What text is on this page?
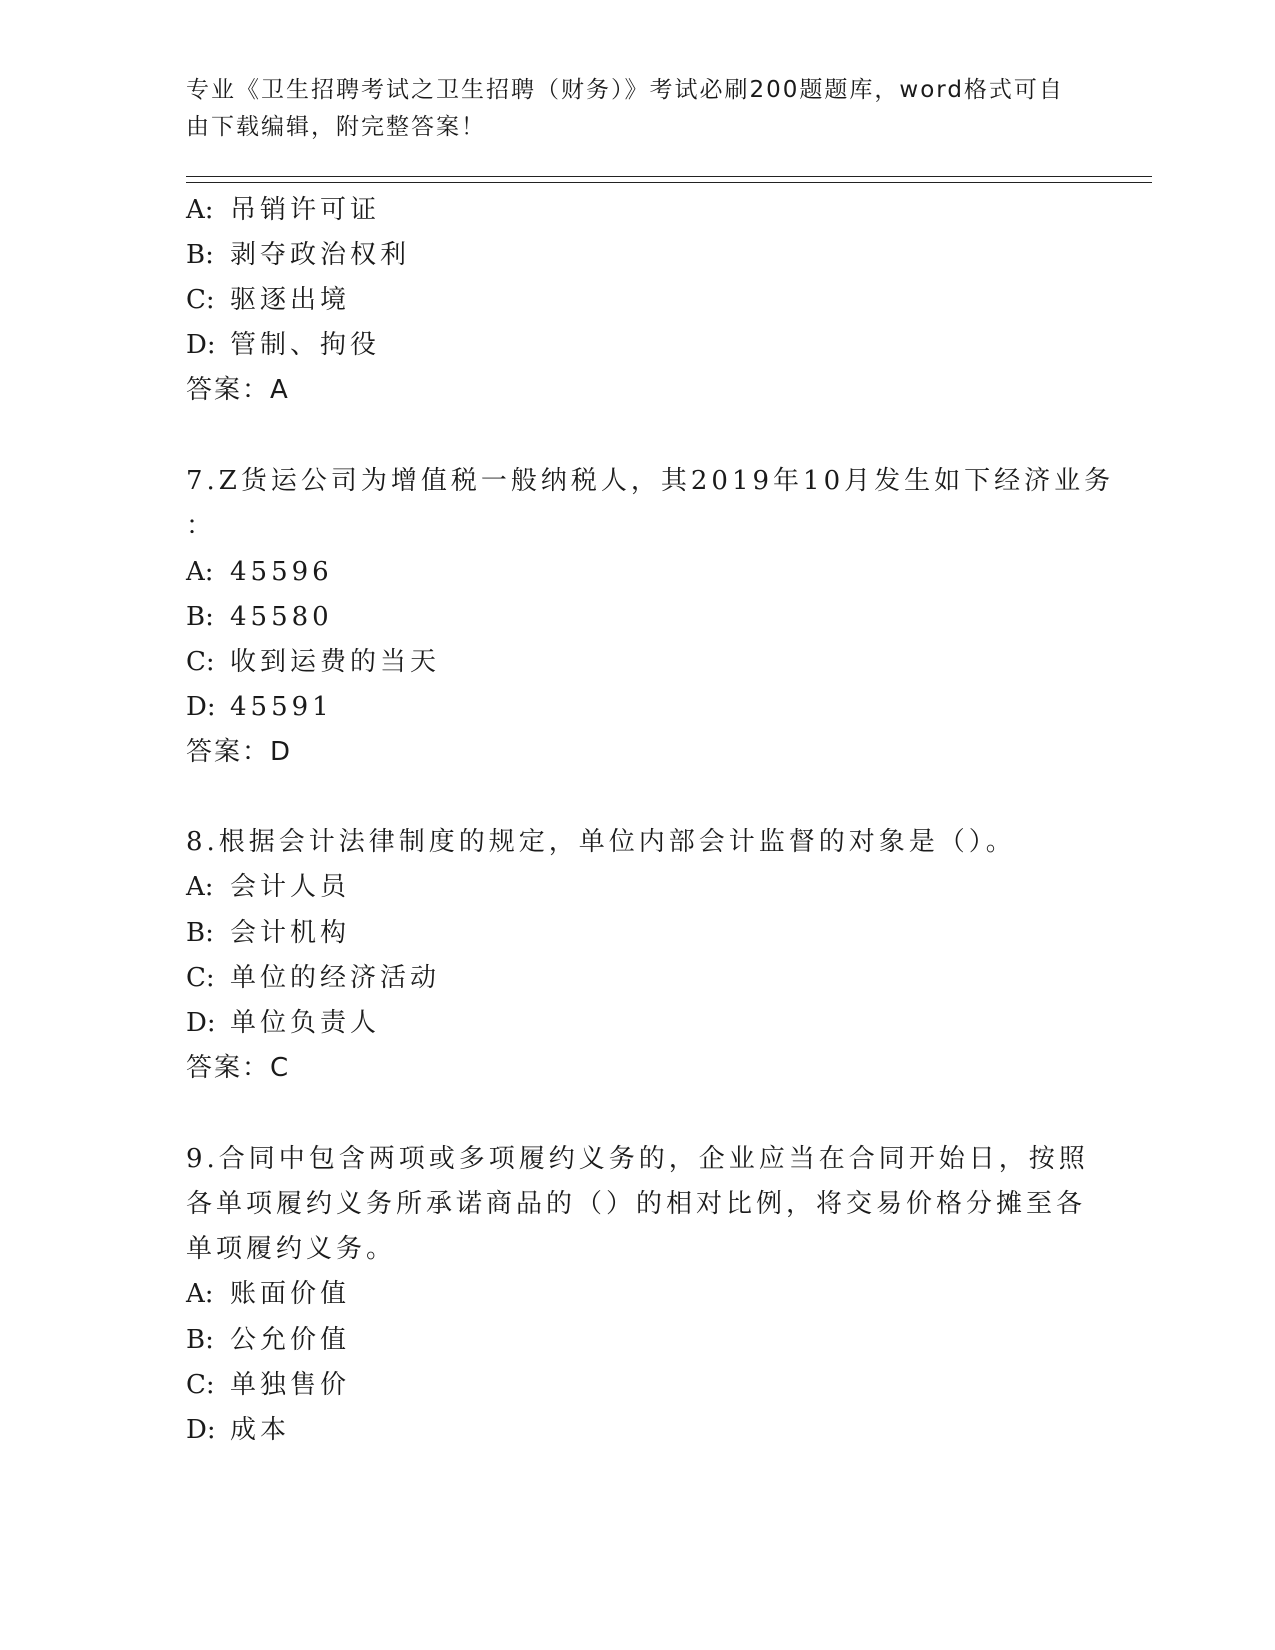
专业《卫生招聘考试之卫生招聘（财务）》考试必刷200题题库，word格式可自
由下载编辑，附完整答案！
A: 吊销许可证
B: 剥夺政治权利
C: 驱逐出境
D: 管制、拘役
答案：A
7.Z货运公司为增值税一般纳税人，其2019年10月发生如下经济业务
：
A: 45596
B: 45580
C: 收到运费的当天
D: 45591
答案：D
8.根据会计法律制度的规定，单位内部会计监督的对象是（）。
A: 会计人员
B: 会计机构
C: 单位的经济活动
D: 单位负责人
答案：C
9.合同中包含两项或多项履约义务的，企业应当在合同开始日，按照
各单项履约义务所承诺商品的（）的相对比例，将交易价格分摊至各
单项履约义务。
A: 账面价值
B: 公允价值
C: 单独售价
D: 成本
